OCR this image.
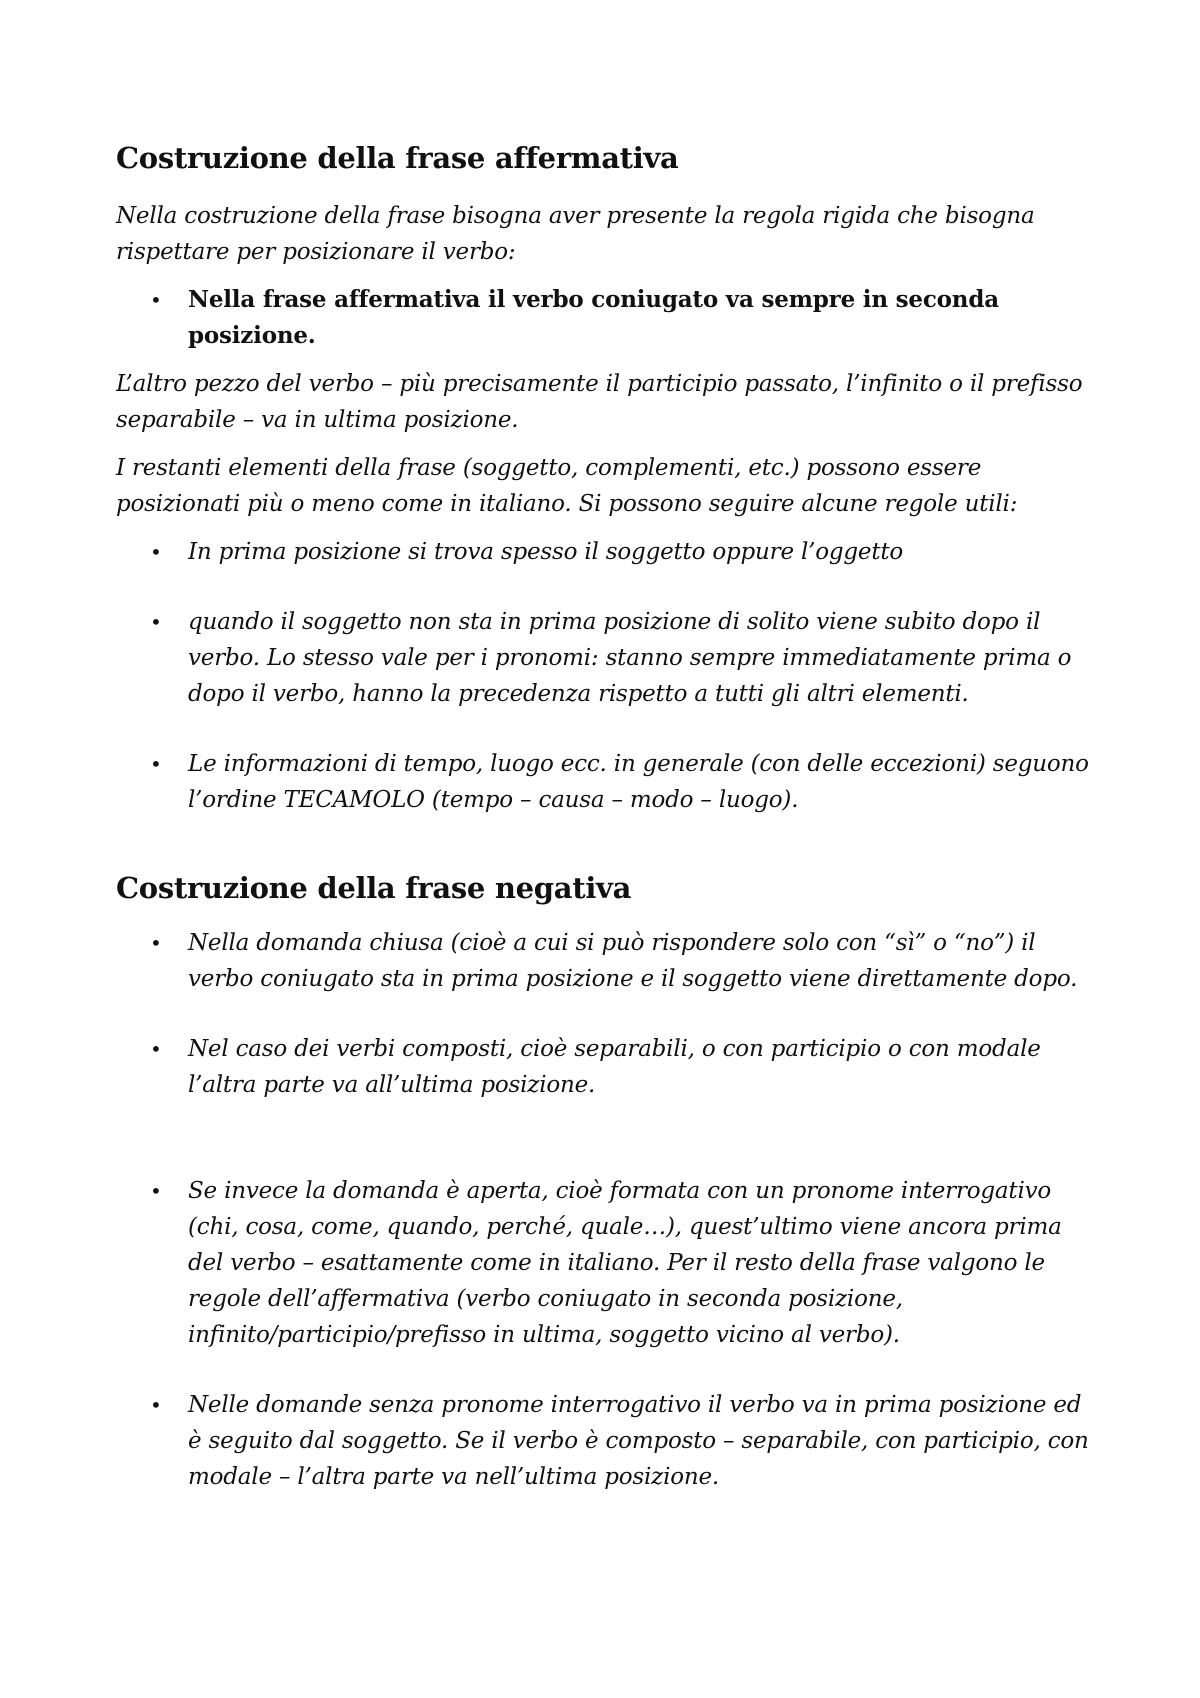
Costruzione della frase affermativa

Nella costruzione della frase bisogna aver presente la regola rigida che bisogna rispettare per posizionare il verbo:

• Nella frase affermativa il verbo coniugato va sempre in seconda posizione.

L’altro pezzo del verbo – più precisamente il participio passato, l’infinito o il prefisso separabile – va in ultima posizione.

I restanti elementi della frase (soggetto, complementi, etc.) possono essere posizionati più o meno come in italiano. Si possono seguire alcune regole utili:

• In prima posizione si trova spesso il soggetto oppure l’oggetto
• quando il soggetto non sta in prima posizione di solito viene subito dopo il verbo. Lo stesso vale per i pronomi: stanno sempre immediatamente prima o dopo il verbo, hanno la precedenza rispetto a tutti gli altri elementi.
• Le informazioni di tempo, luogo ecc. in generale (con delle eccezioni) seguono l’ordine TECAMOLO (tempo – causa – modo – luogo).
Costruzione della frase negativa
• Nella domanda chiusa (cioè a cui si può rispondere solo con “sì” o “no”) il verbo coniugato sta in prima posizione e il soggetto viene direttamente dopo.
• Nel caso dei verbi composti, cioè separabili, o con participio o con modale l’altra parte va all’ultima posizione.
• Se invece la domanda è aperta, cioè formata con un pronome interrogativo (chi, cosa, come, quando, perché, quale…), quest’ultimo viene ancora prima del verbo – esattamente come in italiano. Per il resto della frase valgono le regole dell’affermativa (verbo coniugato in seconda posizione, infinito/participio/prefisso in ultima, soggetto vicino al verbo).
• Nelle domande senza pronome interrogativo il verbo va in prima posizione ed è seguito dal soggetto. Se il verbo è composto – separabile, con participio, con modale – l’altra parte va nell’ultima posizione.
